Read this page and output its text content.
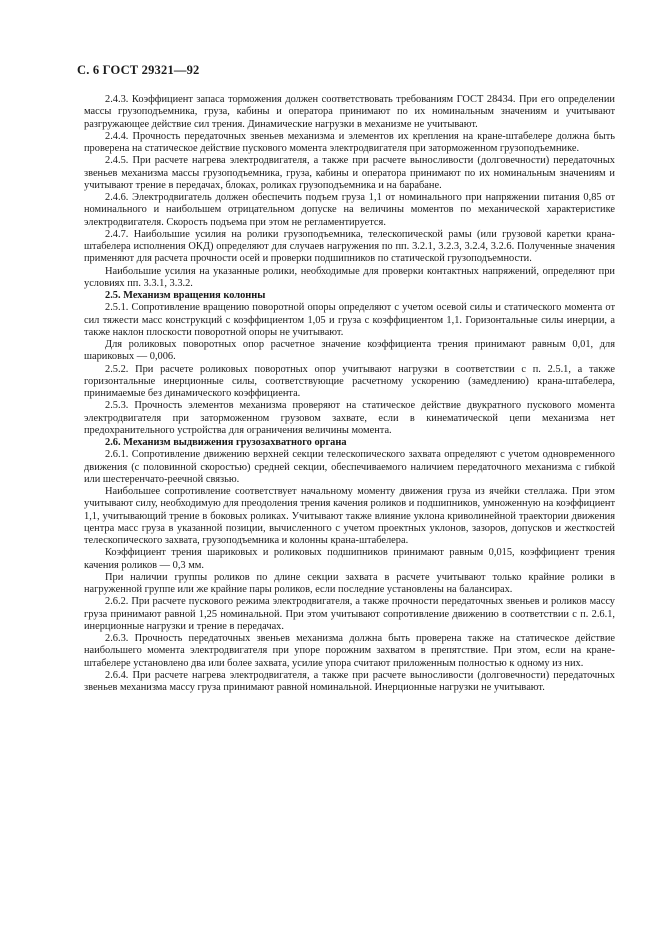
С. 6 ГОСТ 29321—92

2.4.3. Коэффициент запаса торможения должен соответствовать требованиям ГОСТ 28434. При его определении массы грузоподъемника, груза, кабины и оператора принимают по их номинальным значениям и учитывают разгружающее действие сил трения. Динамические нагрузки в механизме не учитывают.

2.4.4. Прочность передаточных звеньев механизма и элементов их крепления на кране-штабелере должна быть проверена на статическое действие пускового момента электродвигателя при заторможенном грузоподъемнике.

2.4.5. При расчете нагрева электродвигателя, а также при расчете выносливости (долговечности) передаточных звеньев механизма массы грузоподъемника, груза, кабины и оператора принимают по их номинальным значениям и учитывают трение в передачах, блоках, роликах грузоподъемника и на барабане.

2.4.6. Электродвигатель должен обеспечить подъем груза 1,1 от номинального при напряжении питания 0,85 от номинального и наибольшем отрицательном допуске на величины моментов по механической характеристике электродвигателя. Скорость подъема при этом не регламентируется.

2.4.7. Наибольшие усилия на ролики грузоподъемника, телескопической рамы (или грузовой каретки крана-штабелера исполнения ОКД) определяют для случаев нагружения по пп. 3.2.1, 3.2.3, 3.2.4, 3.2.6. Полученные значения применяют для расчета прочности осей и проверки подшипников по статической грузоподъемности.

Наибольшие усилия на указанные ролики, необходимые для проверки контактных напряжений, определяют при условиях пп. 3.3.1, 3.3.2.

2.5. Механизм вращения колонны

2.5.1. Сопротивление вращению поворотной опоры определяют с учетом осевой силы и статического момента от сил тяжести масс конструкций с коэффициентом 1,05 и груза с коэффициентом 1,1. Горизонтальные силы инерции, а также наклон плоскости поворотной опоры не учитывают.

Для роликовых поворотных опор расчетное значение коэффициента трения принимают равным 0,01, для шариковых — 0,006.

2.5.2. При расчете роликовых поворотных опор учитывают нагрузки в соответствии с п. 2.5.1, а также горизонтальные инерционные силы, соответствующие расчетному ускорению (замедлению) крана-штабелера, принимаемые без динамического коэффициента.

2.5.3. Прочность элементов механизма проверяют на статическое действие двукратного пускового момента электродвигателя при заторможенном грузовом захвате, если в кинематической цепи механизма нет предохранительного устройства для ограничения величины момента.

2.6. Механизм выдвижения грузозахватного органа

2.6.1. Сопротивление движению верхней секции телескопического захвата определяют с учетом одновременного движения (с половинной скоростью) средней секции, обеспечиваемого наличием передаточного механизма с гибкой или шестеренчато-реечной связью.

Наибольшее сопротивление соответствует начальному моменту движения груза из ячейки стеллажа. При этом учитывают силу, необходимую для преодоления трения качения роликов и подшипников, умноженную на коэффициент 1,1, учитывающий трение в боковых роликах. Учитывают также влияние уклона криволинейной траектории движения центра масс груза в указанной позиции, вычисленного с учетом проектных уклонов, зазоров, допусков и жесткостей телескопического захвата, грузоподъемника и колонны крана-штабелера.

Коэффициент трения шариковых и роликовых подшипников принимают равным 0,015, коэффициент трения качения роликов — 0,3 мм.

При наличии группы роликов по длине секции захвата в расчете учитывают только крайние ролики в нагруженной группе или же крайние пары роликов, если последние установлены на балансирах.

2.6.2. При расчете пускового режима электродвигателя, а также прочности передаточных звеньев и роликов массу груза принимают равной 1,25 номинальной. При этом учитывают сопротивление движению в соответствии с п. 2.6.1, инерционные нагрузки и трение в передачах.

2.6.3. Прочность передаточных звеньев механизма должна быть проверена также на статическое действие наибольшего момента электродвигателя при упоре порожним захватом в препятствие. При этом, если на кране-штабелере установлено два или более захвата, усилие упора считают приложенным полностью к одному из них.

2.6.4. При расчете нагрева электродвигателя, а также при расчете выносливости (долговечности) передаточных звеньев механизма массу груза принимают равной номинальной. Инерционные нагрузки не учитывают.
